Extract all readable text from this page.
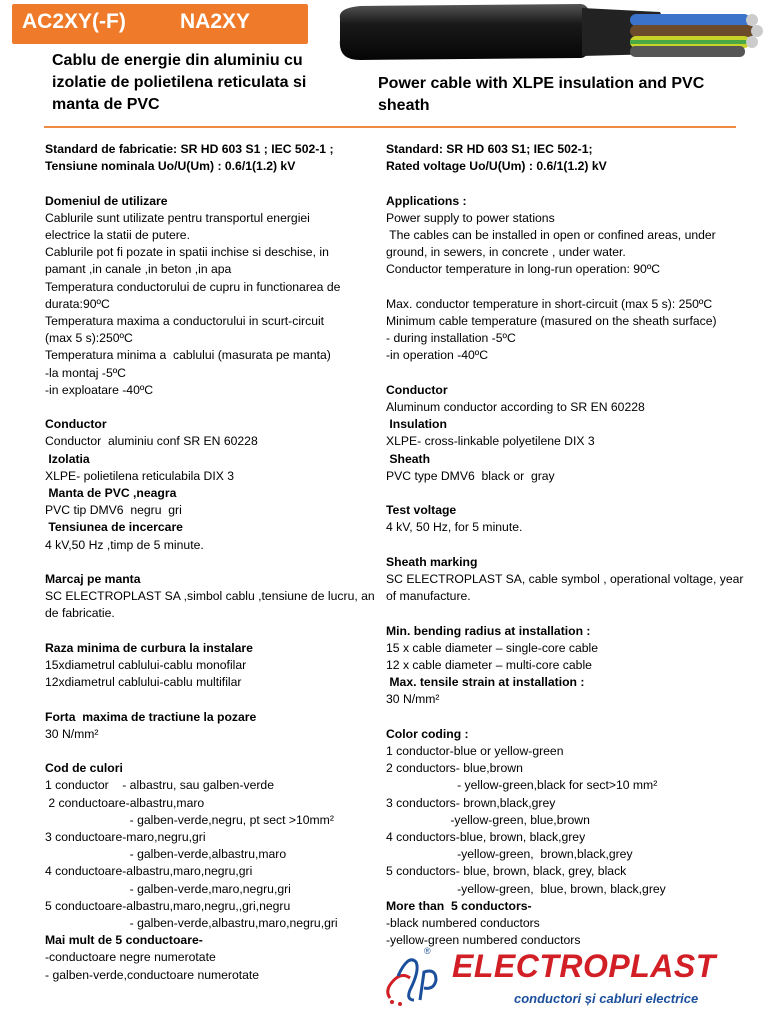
AC2XY(-F)	NA2XY
Cablu de energie din aluminiu cu izolatie de polietilena reticulata si manta de PVC
Power cable with XLPE insulation and PVC sheath
Standard de fabricatie: SR HD 603 S1 ; IEC 502-1 ;
Tensiune nominala Uo/U(Um) : 0.6/1(1.2) kV
Domeniul de utilizare
Cablurile sunt utilizate pentru transportul energiei
electrice la statii de putere.
Cablurile pot fi pozate in spatii inchise si deschise, in
pamant ,in canale ,in beton ,in apa
Temperatura conductorului de cupru in functionarea de
durata:90ºC
Temperatura maxima a conductorului in scurt-circuit
(max 5 s):250ºC
Temperatura minima a  cablului (masurata pe manta)
-la montaj -5ºC
-in exploatare -40ºC
Conductor
Conductor  aluminiu conf SR EN 60228
Izolatia
XLPE- polietilena reticulabila DIX 3
Manta de PVC ,neagra
PVC tip DMV6  negru  gri
Tensiunea de incercare
4 kV,50 Hz ,timp de 5 minute.
Marcaj pe manta
SC ELECTROPLAST SA ,simbol cablu ,tensiune de lucru, an
de fabricatie.
Raza minima de curbura la instalare
15xdiametrul cablului-cablu monofilar
12xdiametrul cablului-cablu multifilar
Forta  maxima de tractiune la pozare
30 N/mm²
Cod de culori
1 conductor    - albastru, sau galben-verde
2 conductoare-albastru,maro
- galben-verde,negru, pt sect >10mm²
3 conductoare-maro,negru,gri
- galben-verde,albastru,maro
4 conductoare-albastru,maro,negru,gri
- galben-verde,maro,negru,gri
5 conductoare-albastru,maro,negru,,gri,negru
- galben-verde,albastru,maro,negru,gri
Mai mult de 5 conductoare-
-conductoare negre numerotate
- galben-verde,conductoare numerotate
Standard: SR HD 603 S1; IEC 502-1;
Rated voltage Uo/U(Um) : 0.6/1(1.2) kV
Applications :
Power supply to power stations
The cables can be installed in open or confined areas, under
ground, in sewers, in concrete , under water.
Conductor temperature in long-run operation: 90ºC
Max. conductor temperature in short-circuit (max 5 s): 250ºC
Minimum cable temperature (masured on the sheath surface)
- during installation -5ºC
-in operation -40ºC
Conductor
Aluminum conductor according to SR EN 60228
Insulation
XLPE- cross-linkable polyetilene DIX 3
Sheath
PVC type DMV6  black or  gray
Test voltage
4 kV, 50 Hz, for 5 minute.
Sheath marking
SC ELECTROPLAST SA, cable symbol , operational voltage, year
of manufacture.
Min. bending radius at installation :
15 x cable diameter – single-core cable
12 x cable diameter – multi-core cable
Max. tensile strain at installation :
30 N/mm²
Color coding :
1 conductor-blue or yellow-green
2 conductors- blue,brown
- yellow-green,black for sect>10 mm²
3 conductors- brown,black,grey
-yellow-green, blue,brown
4 conductors-blue, brown, black,grey
-yellow-green,  brown,black,grey
5 conductors- blue, brown, black, grey, black
-yellow-green,  blue, brown, black,grey
More than  5 conductors-
-black numbered conductors
-yellow-green numbered conductors
® ELECTROPLAST
conductori și cabluri electrice
